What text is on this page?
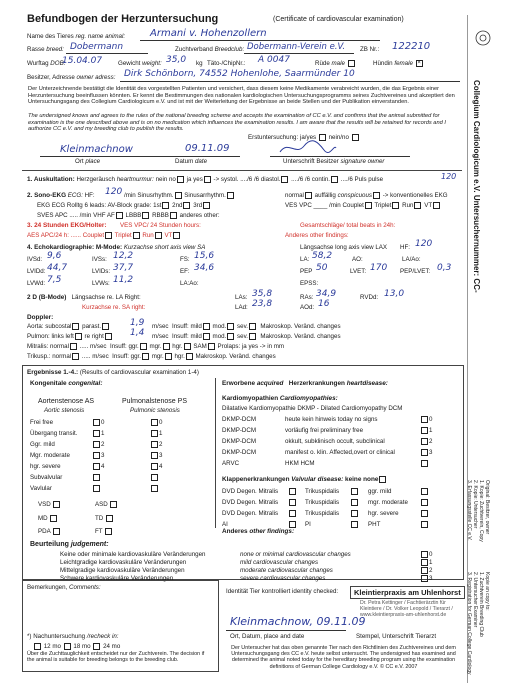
Befundbogen der Herzuntersuchung	(Certificate of cardiovascular examination)
Name des Tieres reg. name animal: Armani v. Hohenzollern
Rasse breed: Dobermann	Zuchtverband Breedclub: Dobermann-Verein e.V. ZB Nr.: 122210
Wurftag DOB:
15.04.07	Gewicht weight: 35,0 kg Täto-/ChipNr.: A 0047	Rüde male	Hündin female ×
Besitzer, Adresse owner adress: Dirk Schönborn, 74552 Hohenlohe, Saarmünder 10
Der Unterzeichnende bestätigt die Identität des vorgestellten Patienten und versichert, dass diesem keine Medikamente verabreicht wurden, die das Ergebnis einer Herzuntersuchung beeinflussen könnten. Er kennt die Bestimmungen des nationalen kardiologischen Untersuchungsprogramms seines Zuchtvereines und akzeptiert den Untersuchungsgang des Collegium Cardiologicum e.V. und ist mit der Weiterleitung der Ergebnisse an beide Stellen und der Publikation einverstanden.
The undersigned knows and agrees to the rules of the national breeding scheme and accepts the examination of CC e.V. and confirms that the animal submitted for examination is the one described above and is on no medication which influences the examination results. I am aware that the results will be retained for records and I authorize CC e.V. and my breeding club to publish the results.
Erstuntersuchung: ja/yes nein/no
Kleinmachnow	09.11.09
Ort place	Datum date	Unterschrift Besitzer signature owner
1. Auskultation: Herzgeräusch heartmurmur: nein no ja yes -> systol. ..../6 /6 diastol. ..../6 /6 contin. ..../6 Puls pulse	120
2. Sono-EKG ECG: HF: 120 /min Sinusrhythm. Sinusarrhythm.	normal auffällig conspicuous -> konventionelles EKG
EKG ECG Rolltg 6 leads: AV-Block grade: 1st 2nd 3rd	VES VPC ____ /min Couplet Triplet Run VT
SVES APC ..... /min VHF AF LBBB RBBB anderes other:
3. 24 Stunden EKG/Holter: VES VPC/ 24 Stunden hours:	Gesamtschläge/ total beats in 24h:
AES APC/24 h: ...... Couplet Triplet Run VT	Anderes other findings:
4. Echokardiographie: M-Mode: Kurzachse short axis view SA	Längsachse long axis view LAX HF: 120
IVSd: 9,6	IVSs: 12,2	FS: 15,6	LA: 58,2	AO:	LA/Ao:
LVIDd: 44,7	LVIDs: 37,7	EF: 34,6	PEP 50	LVET: 170 PEP/LVET: 0,3
LVWd: 7,5	LVWs: 11,2	LA:Ao:	EPSS:
2 D (B-Mode) Längsachse re. LA Right:	LAs: 35,8	RAs: 34,9	RVDd: 13,0
Kurzachse re. SA right:	LAd: 23,8	AOd: 16
Doppler:
Aorta: subcostal parast.	1,9 m/sec Insuff: mild mod. sev. Makroskop. Veränd. changes
Pulmon: links left re right	1,4 m/sec Insuff: mild mod. sev. Makroskop. Veränd. changes
Mitralis: normal ..... m/sec Insuff: ggr. mgr. hgr. SAM Prolaps: ja yes -> in mm
Trikusp.: normal ..... m/sec Insuff: ggr. mgr. hgr. Makroskop. Veränd. changes
Ergebnisse 1.-4.: (Results of cardiovascular examination 1-4)
Kongenitale congenital:	Erworbene acquired Herzerkrankungen heartdisease:
Aortenstenose AS
Aortic stenosis
Pulmonalstenose PS
Pulmonic stenosis
Frei free	0	0
Übergang transit.	1	1
Ggr. mild	2	2
Mgr. moderate	3	3
hgr. severe	4	4
Subvalvular
Vavlular
Kardiomyopathien Cardiomyopathies:
Dilatative Kardiomyopathie DKMP - Dilated Cardiomyopathy DCM
DKMP-DCM	heute kein hinweis today no signs	0
DKMP-DCM	vorläufig frei preliminary free	1
DKMP-DCM	okkult, subklinisch occult, subclinical	2
DKMP-DCM	manifest o. klin. Affected,overt or clinical	3
ARVC	HKM HCM
Klappenerkrankungen Valvular disease: keine none
DVD Degen. Mitralis	Trikuspidalis	ggr. mild
DVD Degen. Mitralis	Trikuspidalis	mgr. moderate
DVD Degen. Mitralis	Trikuspidalis	hgr. severe
AI	PI	PHT
VSD	ASD
MD	TD
PDA	FT	Anderes other findings:
Beurteilung judgement:
Keine oder minimale kardiovaskuläre Veränderungen	none or minimal cardiovascular changes	0
Leichtgradige kardiovaskuläre Veränderungen	mild cardiovascular changes	1
Mittelgradige kardiovaskuläre Veränderungen	moderate cardiovascular changes	2
Schwere kardiovaskuläre Veränderungen	severe cardiovascular changes	3
Bemerkungen, Comments:
Identität Tier kontrolliert identity checked:	Kleintierpraxis am Uhlenhorst
Dr. Petra Kettinger / Fachtierärztin für Kleintiere / Dr. Volker Leopold / Tierarzt / www.kleintierpraxis-am-uhlenhorst.de
Kleinmachnow, 09.11.09
Ort, Datum, place and date	Stempel, Unterschrift Tierarzt
*) Nachuntersuchung /recheck in:
12 mo 18 mo 24 mo
Über die Zuchttauglichkeit entscheidet nur der Zuchtverein. The decision if the animal is suitable for breeding belongs to the breeding club.
Der Untersucher hat das oben genannte Tier nach den Richtlinien des Zuchtvereines und dem Untersuchungsgang des CC e.V. heute selbst untersucht. The undersigned has examined and determined the animal noted today for the hereditary breeding program using the examination definitions of German College Cardiology e.V. © CC e.V. 2007
Collegium Cardiologicum e.V. Untersuchernummer: CC-
Original: Besitzer, owner
1. Kopie: Zuchtverein, Copy
2. Kopie: Untersucher
3. Erfassungsstelle CC e.V.
Kopie an copy to:
1. Zuchtverein Breeding Club
2. Untersucher Examiner
3. Registration for German College Cardiology
